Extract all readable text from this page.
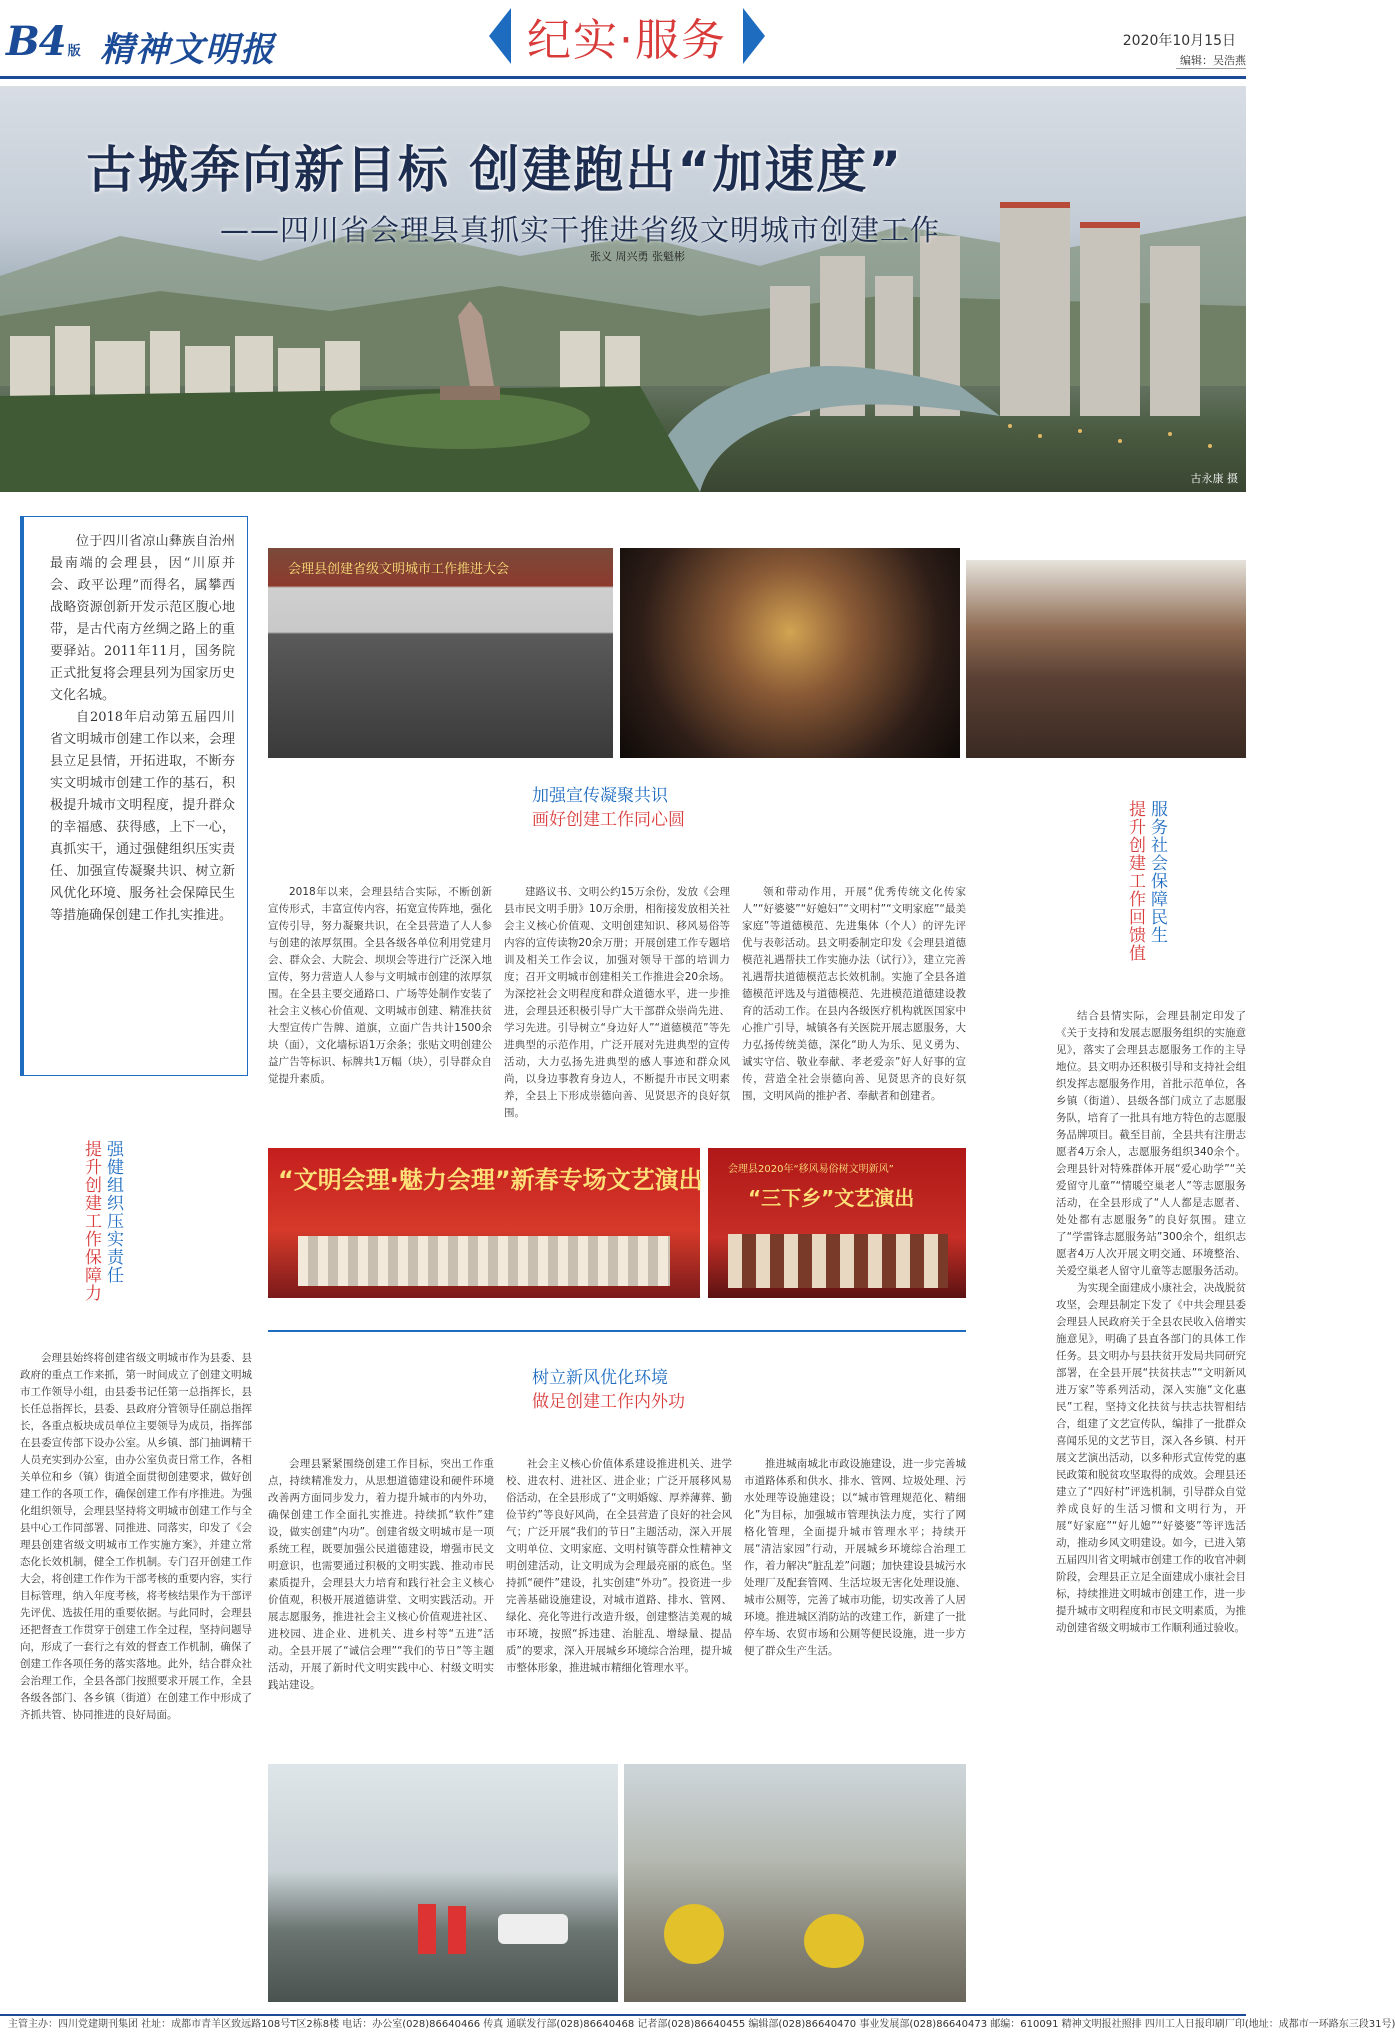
B4 版 精神文明报	纪实·服务	2020年10月15日
编辑：吴浩燕
古城奔向新目标 创建跑出“加速度”
——四川省会理县真抓实干推进省级文明城市创建工作
张义 周兴勇 张魁彬
古永康 摄

位于四川省凉山彝族自治州最南端的会理县，因“川原并会、政平讼理”而得名，属攀西战略资源创新开发示范区腹心地带，是古代南方丝绸之路上的重要驿站。2011年11月，国务院正式批复将会理县列为国家历史文化名城。

自2018年启动第五届四川省文明城市创建工作以来，会理县立足县情，开拓进取，不断夯实文明城市创建工作的基石，积极提升城市文明程度，提升群众的幸福感、获得感，上下一心，真抓实干，通过强健组织压实责任、加强宣传凝聚共识、树立新风优化环境、服务社会保障民生等措施确保创建工作扎实推进。

会理县创建省级文明城市工作推进大会
加强宣传凝聚共识
画好创建工作同心圆	服务社会保障民生
提升创建工作回馈值

2018年以来，会理县结合实际，不断创新宣传形式，丰富宣传内容，拓宽宣传阵地，强化宣传引导，努力凝聚共识，在全县营造了人人参与创建的浓厚氛围。全县各级各单位利用党建月会、群众会、大院会、坝坝会等进行广泛深入地宣传，努力营造人人参与文明城市创建的浓厚氛围。在全县主要交通路口、广场等处制作安装了社会主义核心价值观、文明城市创建、精准扶贫大型宣传广告牌、道旗，立面广告共计1500余块（面），文化墙标语1万余条；张贴文明创建公益广告等标识、标牌共1万幅（块），引导群众自觉提升素质。

建路议书、文明公约15万余份，发放《会理县市民文明手册》10万余册，相衔接发放相关社会主义核心价值观、文明创建知识、移风易俗等内容的宣传读物20余万册；开展创建工作专题培训及相关工作会议，加强对领导干部的培训力度；召开文明城市创建相关工作推进会20余场。为深挖社会文明程度和群众道德水平，进一步推进，会理县还积极引导广大干部群众崇尚先进、学习先进。引导树立“身边好人”“道德模范”等先进典型的示范作用，广泛开展对先进典型的宣传活动，大力弘扬先进典型的感人事迹和群众风尚，以身边事教育身边人，不断提升市民文明素养，全县上下形成崇德向善、见贤思齐的良好氛围。

领和带动作用，开展“优秀传统文化传家人”“好婆婆”“好媳妇”“文明村”“文明家庭”“最美家庭”等道德模范、先进集体（个人）的评先评优与表彰活动。县文明委制定印发《会理县道德模范礼遇帮扶工作实施办法（试行）》，建立完善礼遇帮扶道德模范志长效机制。实施了全县各道德模范评选及与道德模范、先进模范道德建设教育的活动工作。在县内各级医疗机构就医国家中心推广引导，城镇各有关医院开展志愿服务，大力弘扬传统美德，深化“助人为乐、见义勇为、诚实守信、敬业奉献、孝老爱亲”好人好事的宣传，营造全社会崇德向善、见贤思齐的良好氛围，文明风尚的推护者、奉献者和创建者。

结合县情实际，会理县制定印发了《关于支持和发展志愿服务组织的实施意见》，落实了会理县志愿服务工作的主导地位。县文明办还积极引导和支持社会组织发挥志愿服务作用，首批示范单位，各乡镇（街道）、县级各部门成立了志愿服务队，培育了一批具有地方特色的志愿服务品牌项目。截至目前，全县共有注册志愿者4万余人，志愿服务组织340余个。会理县针对特殊群体开展“爱心助学”“关爱留守儿童”“情暖空巢老人”等志愿服务活动，在全县形成了“人人都是志愿者、处处都有志愿服务”的良好氛围。建立了“学雷锋志愿服务站”300余个，组织志愿者4万人次开展文明交通、环境整治、关爱空巢老人留守儿童等志愿服务活动。

为实现全面建成小康社会，决战脱贫攻坚，会理县制定下发了《中共会理县委会理县人民政府关于全县农民收入倍增实施意见》，明确了县直各部门的具体工作任务。县文明办与县扶贫开发局共同研究部署，在全县开展“扶贫扶志”“文明新风进万家”等系列活动，深入实施“文化惠民”工程，坚持文化扶贫与扶志扶智相结合，组建了文艺宣传队，编排了一批群众喜闻乐见的文艺节目，深入各乡镇、村开展文艺演出活动，以多种形式宣传党的惠民政策和脱贫攻坚取得的成效。会理县还建立了“四好村”评选机制，引导群众自觉养成良好的生活习惯和文明行为，开展“好家庭”“好儿媳”“好婆婆”等评选活动，推动乡风文明建设。如今，已进入第五届四川省文明城市创建工作的收官冲刺阶段，会理县正立足全面建成小康社会目标，持续推进文明城市创建工作，进一步提升城市文明程度和市民文明素质，为推动创建省级文明城市工作顺利通过验收。

强健组织压实责任
提升创建工作保障力	“文明会理·魅力会理”新春专场文艺演出	会理县2020年“移风易俗树文明新风”
“三下乡”文艺演出
树立新风优化环境
做足创建工作内外功

会理县始终将创建省级文明城市作为县委、县政府的重点工作来抓，第一时间成立了创建文明城市工作领导小组，由县委书记任第一总指挥长，县长任总指挥长，县委、县政府分管领导任副总指挥长，各重点板块成员单位主要领导为成员，指挥部在县委宣传部下设办公室。从乡镇、部门抽调精干人员充实到办公室，由办公室负责日常工作，各相关单位和乡（镇）街道全面贯彻创建要求，做好创建工作的各项工作，确保创建工作有序推进。为强化组织领导，会理县坚持将文明城市创建工作与全县中心工作同部署、同推进、同落实，印发了《会理县创建省级文明城市工作实施方案》，并建立常态化长效机制，健全工作机制。专门召开创建工作大会，将创建工作作为干部考核的重要内容，实行目标管理，纳入年度考核，将考核结果作为干部评先评优、选拔任用的重要依据。与此同时，会理县还把督查工作贯穿于创建工作全过程，坚持问题导向，形成了一套行之有效的督查工作机制，确保了创建工作各项任务的落实落地。此外，结合群众社会治理工作，全县各部门按照要求开展工作，全县各级各部门、各乡镇（街道）在创建工作中形成了齐抓共管、协同推进的良好局面。

会理县紧紧围绕创建工作目标，突出工作重点，持续精准发力，从思想道德建设和硬件环境改善两方面同步发力，着力提升城市的内外功，确保创建工作全面扎实推进。持续抓“软件”建设，做实创建“内功”。创建省级文明城市是一项系统工程，既要加强公民道德建设，增强市民文明意识，也需要通过积极的文明实践、推动市民素质提升，会理县大力培育和践行社会主义核心价值观，积极开展道德讲堂、文明实践活动。开展志愿服务，推进社会主义核心价值观进社区、进校园、进企业、进机关、进乡村等“五进”活动。全县开展了“诚信会理”“我们的节日”等主题活动，开展了新时代文明实践中心、村级文明实践站建设。

社会主义核心价值体系建设推进机关、进学校、进农村、进社区、进企业；广泛开展移风易俗活动，在全县形成了“文明婚嫁、厚养薄葬、勤俭节约”等良好风尚，在全县营造了良好的社会风气；广泛开展“我们的节日”主题活动，深入开展文明单位、文明家庭、文明村镇等群众性精神文明创建活动，让文明成为会理最亮丽的底色。坚持抓“硬件”建设，扎实创建“外功”。投资进一步完善基础设施建设，对城市道路、排水、管网、绿化、亮化等进行改造升级，创建整洁美观的城市环境，按照“拆违建、治脏乱、增绿量、提品质”的要求，深入开展城乡环境综合治理，提升城市整体形象，推进城市精细化管理水平。

推进城南城北市政设施建设，进一步完善城市道路体系和供水、排水、管网、垃圾处理、污水处理等设施建设；以“城市管理规范化、精细化”为目标，加强城市管理执法力度，实行了网格化管理，全面提升城市管理水平；持续开展“清洁家园”行动，开展城乡环境综合治理工作，着力解决“脏乱差”问题；加快建设县城污水处理厂及配套管网、生活垃圾无害化处理设施、城市公厕等，完善了城市功能，切实改善了人居环境。推进城区消防站的改建工作，新建了一批停车场、农贸市场和公厕等便民设施，进一步方便了群众生产生活。

主管主办：四川党建期刊集团 社址：成都市青羊区致远路108号T区2栋8楼 电话：办公室(028)86640466 传真 通联发行部(028)86640468 记者部(028)86640455 编辑部(028)86640470 事业发展部(028)86640473 邮编：610091 精神文明报社照排 四川工人日报印刷厂印(地址：成都市一环路东三段31号)
